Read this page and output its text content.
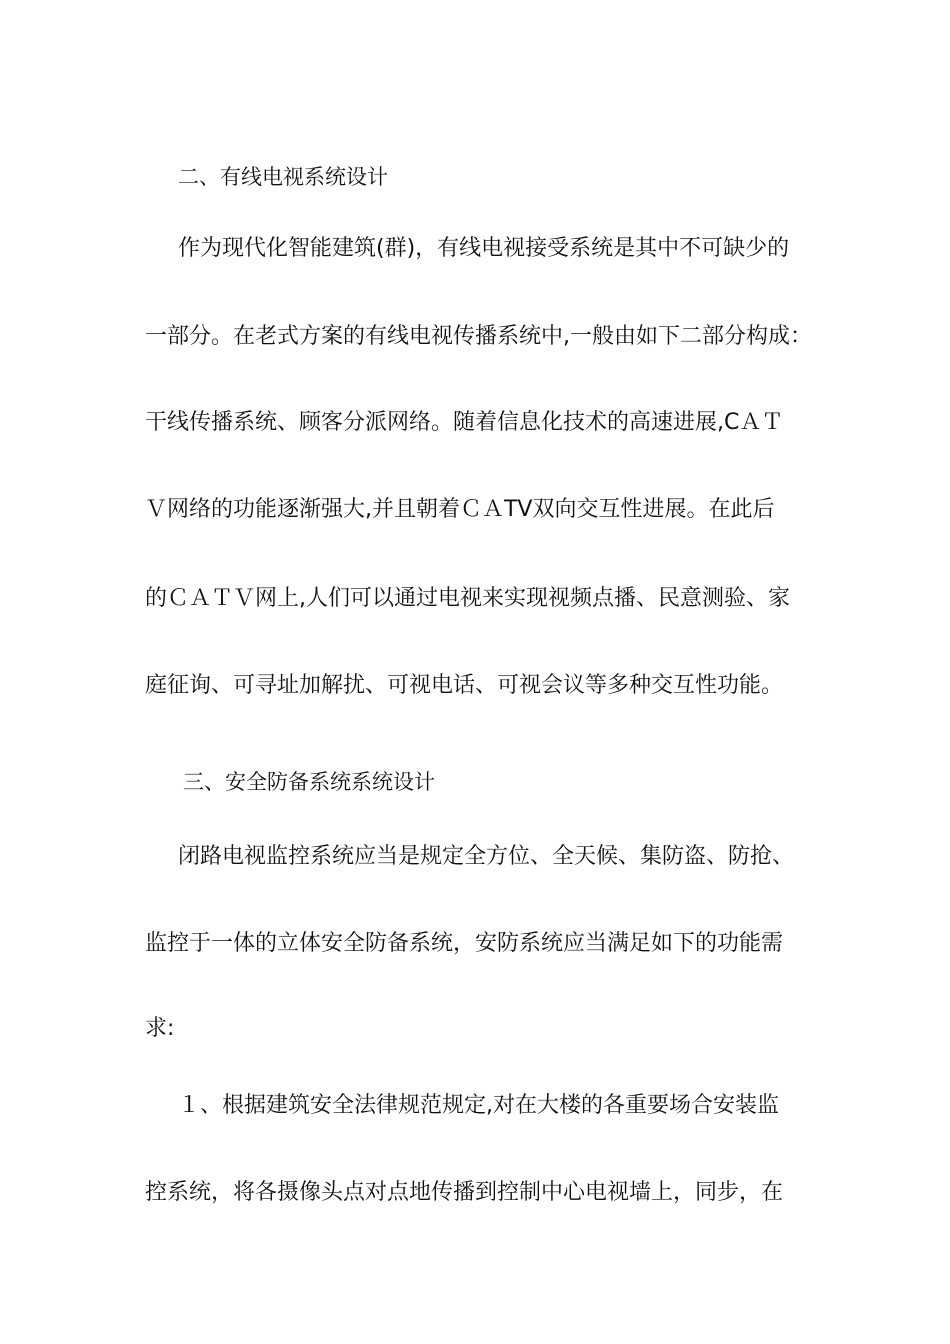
二、有线电视系统设计
作为现代化智能建筑(群)，有线电视接受系统是其中不可缺少的
一部分。在老式方案的有线电视传播系统中,一般由如下二部分构成：
干线传播系统、顾客分派网络。随着信息化技术的高速进展,CＡＴ
Ｖ网络的功能逐渐强大,并且朝着ＣＡTV双向交互性进展。在此后
的ＣＡＴＶ网上,人们可以通过电视来实现视频点播、民意测验、家
庭征询、可寻址加解扰、可视电话、可视会议等多种交互性功能。
三、安全防备系统系统设计
闭路电视监控系统应当是规定全方位、全天候、集防盗、防抢、
监控于一体的立体安全防备系统，安防系统应当满足如下的功能需
求:
１、根据建筑安全法律规范规定,对在大楼的各重要场合安装监
控系统，将各摄像头点对点地传播到控制中心电视墙上，同步，在
